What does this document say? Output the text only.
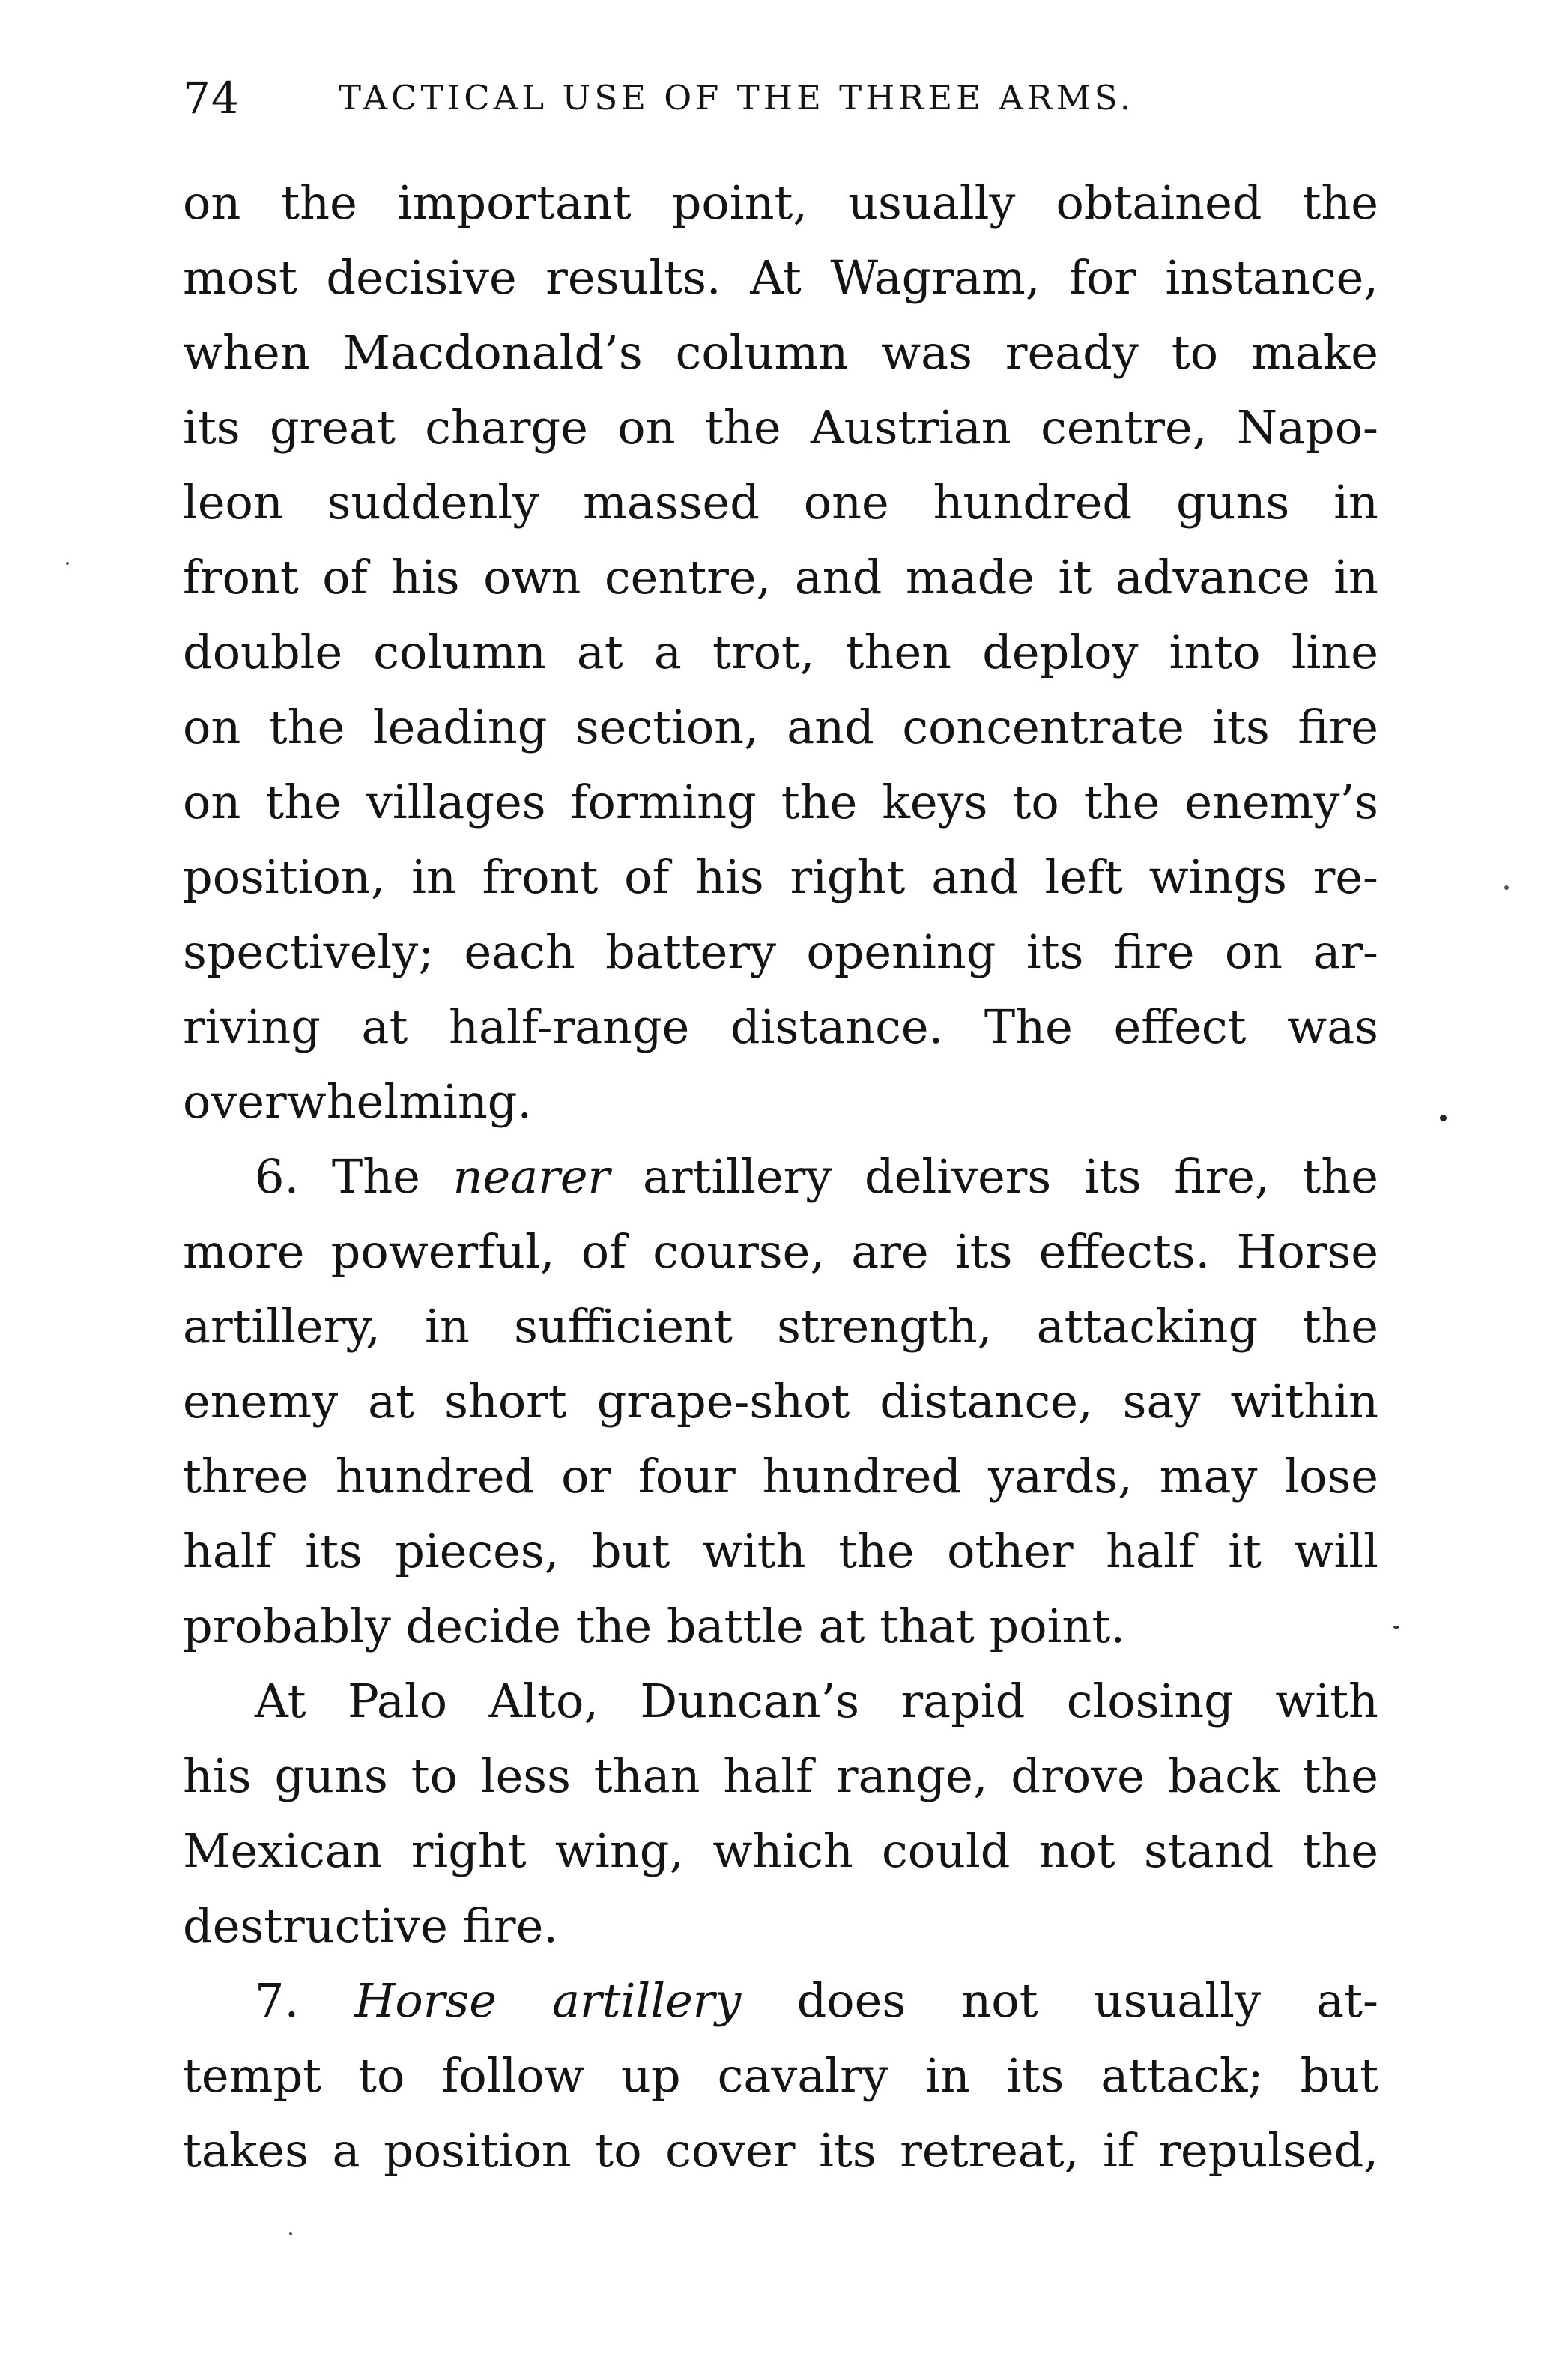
74	TACTICAL USE OF THE THREE ARMS.
on the important point, usually obtained the
most decisive results. At Wagram, for instance,
when Macdonald’s column was ready to make
its great charge on the Austrian centre, Napo-
leon suddenly massed one hundred guns in
front of his own centre, and made it advance in
double column at a trot, then deploy into line
on the leading section, and concentrate its fire
on the villages forming the keys to the enemy’s
position, in front of his right and left wings re-
spectively; each battery opening its fire on ar-
riving at half-range distance. The effect was
overwhelming.
6. The nearer artillery delivers its fire, the
more powerful, of course, are its effects. Horse
artillery, in sufficient strength, attacking the
enemy at short grape-shot distance, say within
three hundred or four hundred yards, may lose
half its pieces, but with the other half it will
probably decide the battle at that point.
At Palo Alto, Duncan’s rapid closing with
his guns to less than half range, drove back the
Mexican right wing, which could not stand the
destructive fire.
7. Horse artillery does not usually at-
tempt to follow up cavalry in its attack; but
takes a position to cover its retreat, if repulsed,
